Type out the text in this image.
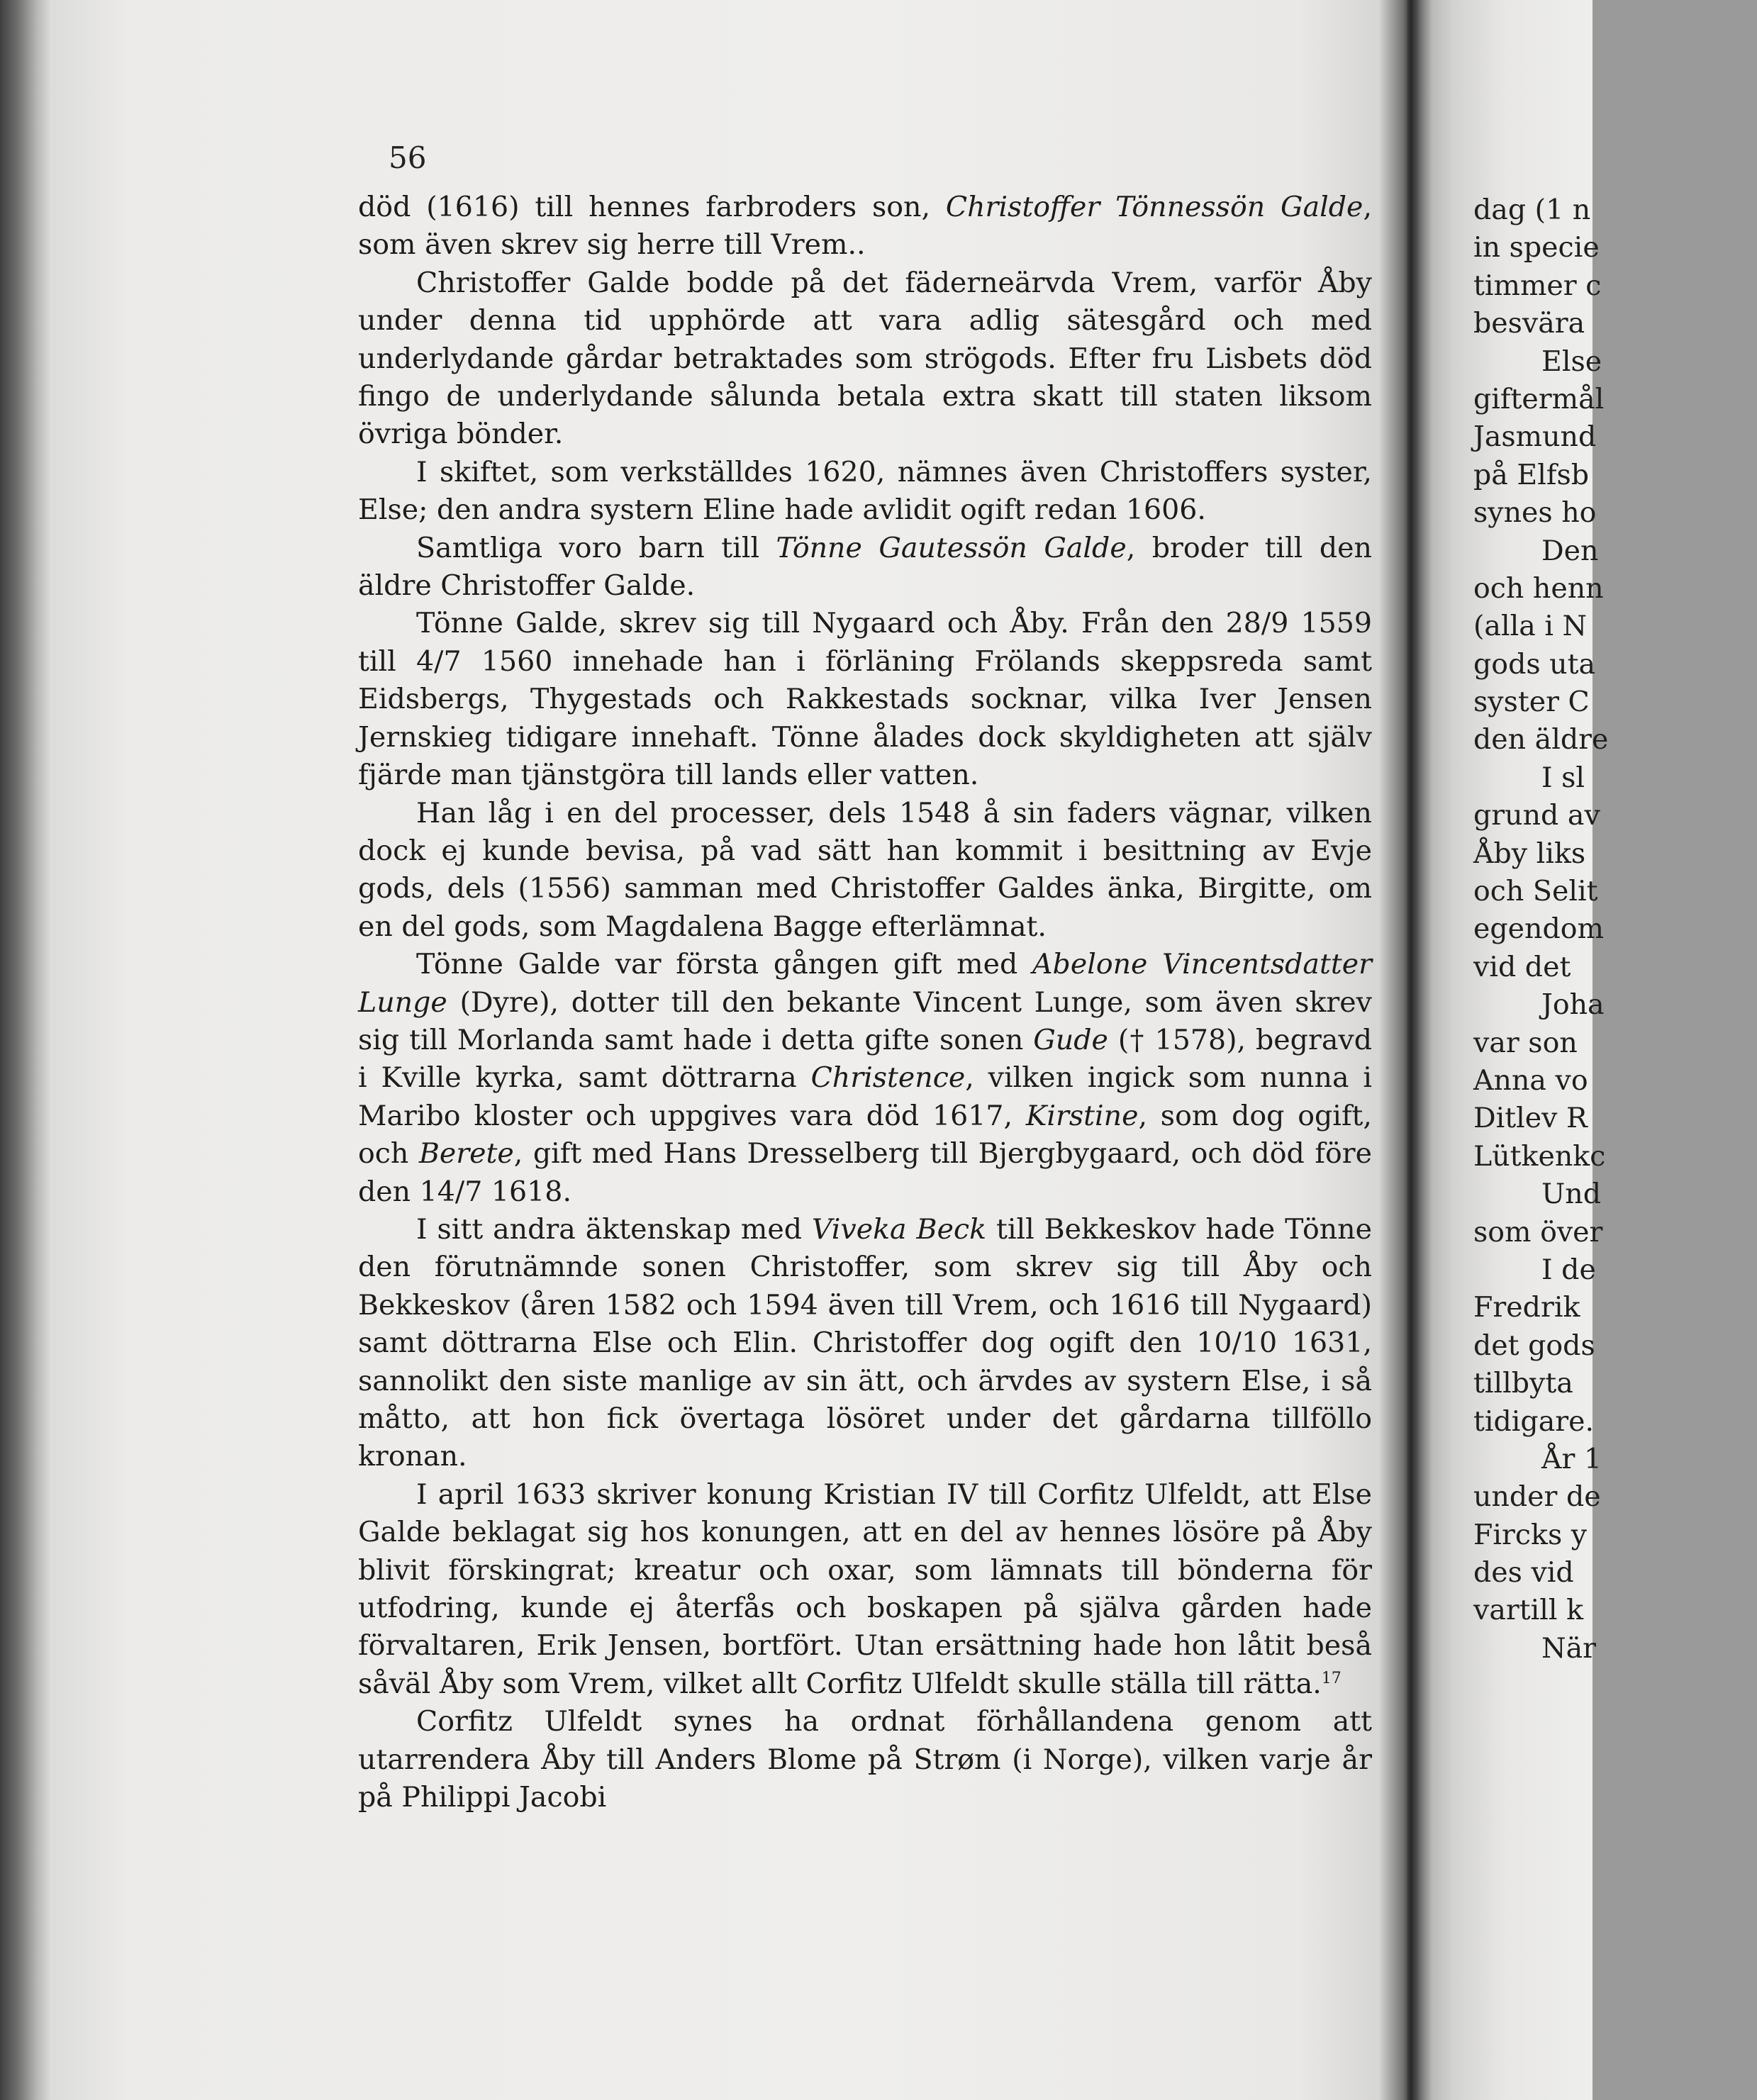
56

död (1616) till hennes farbroders son, Christoffer Tönnessön Galde, som även skrev sig herre till Vrem..

Christoffer Galde bodde på det fäderneärvda Vrem, varför Åby under denna tid upphörde att vara adlig sätesgård och med underlydande gårdar betraktades som strögods. Efter fru Lisbets död fingo de underlydande sålunda betala extra skatt till staten liksom övriga bönder.

I skiftet, som verkställdes 1620, nämnes även Christoffers syster, Else; den andra systern Eline hade avlidit ogift redan 1606.

Samtliga voro barn till Tönne Gautessön Galde, broder till den äldre Christoffer Galde.

Tönne Galde, skrev sig till Nygaard och Åby. Från den 28/9 1559 till 4/7 1560 innehade han i förläning Frölands skeppsreda samt Eidsbergs, Thygestads och Rakkestads socknar, vilka Iver Jensen Jernskieg tidigare innehaft. Tönne ålades dock skyldigheten att själv fjärde man tjänstgöra till lands eller vatten.

Han låg i en del processer, dels 1548 å sin faders vägnar, vilken dock ej kunde bevisa, på vad sätt han kommit i besittning av Evje gods, dels (1556) samman med Christoffer Galdes änka, Birgitte, om en del gods, som Magdalena Bagge efterlämnat.

Tönne Galde var första gången gift med Abelone Vincentsdatter Lunge (Dyre), dotter till den bekante Vincent Lunge, som även skrev sig till Morlanda samt hade i detta gifte sonen Gude († 1578), begravd i Kville kyrka, samt döttrarna Christence, vilken ingick som nunna i Maribo kloster och uppgives vara död 1617, Kirstine, som dog ogift, och Berete, gift med Hans Dresselberg till Bjergbygaard, och död före den 14/7 1618.

I sitt andra äktenskap med Viveka Beck till Bekkeskov hade Tönne den förutnämnde sonen Christoffer, som skrev sig till Åby och Bekkeskov (åren 1582 och 1594 även till Vrem, och 1616 till Nygaard) samt döttrarna Else och Elin. Christoffer dog ogift den 10/10 1631, sannolikt den siste manlige av sin ätt, och ärvdes av systern Else, i så måtto, att hon fick övertaga lösöret under det gårdarna tillföllo kronan.

I april 1633 skriver konung Kristian IV till Corfitz Ulfeldt, att Else Galde beklagat sig hos konungen, att en del av hennes lösöre på Åby blivit förskingrat; kreatur och oxar, som lämnats till bönderna för utfodring, kunde ej återfås och boskapen på själva gården hade förvaltaren, Erik Jensen, bortfört. Utan ersättning hade hon låtit beså såväl Åby som Vrem, vilket allt Corfitz Ulfeldt skulle ställa till rätta.$^{17}$

Corfitz Ulfeldt synes ha ordnat förhållandena genom att utarrendera Åby till Anders Blome på Strøm (i Norge), vilken varje år på Philippi Jacobi

dag (1 n
in specie
timmer c
besvära
Else
giftermål
Jasmund
på Elfsb
synes ho
Den
och henn
(alla i N
gods uta
syster C
den äldre
I sl
grund av
Åby liks
och Selit
egendom
vid det
Joha
var son
Anna vo
Ditlev R
Lütkenkc
Und
som över
I de
Fredrik
det gods
tillbyta
tidigare.
År 1
under de
Fircks y
des vid
vartill k
När
